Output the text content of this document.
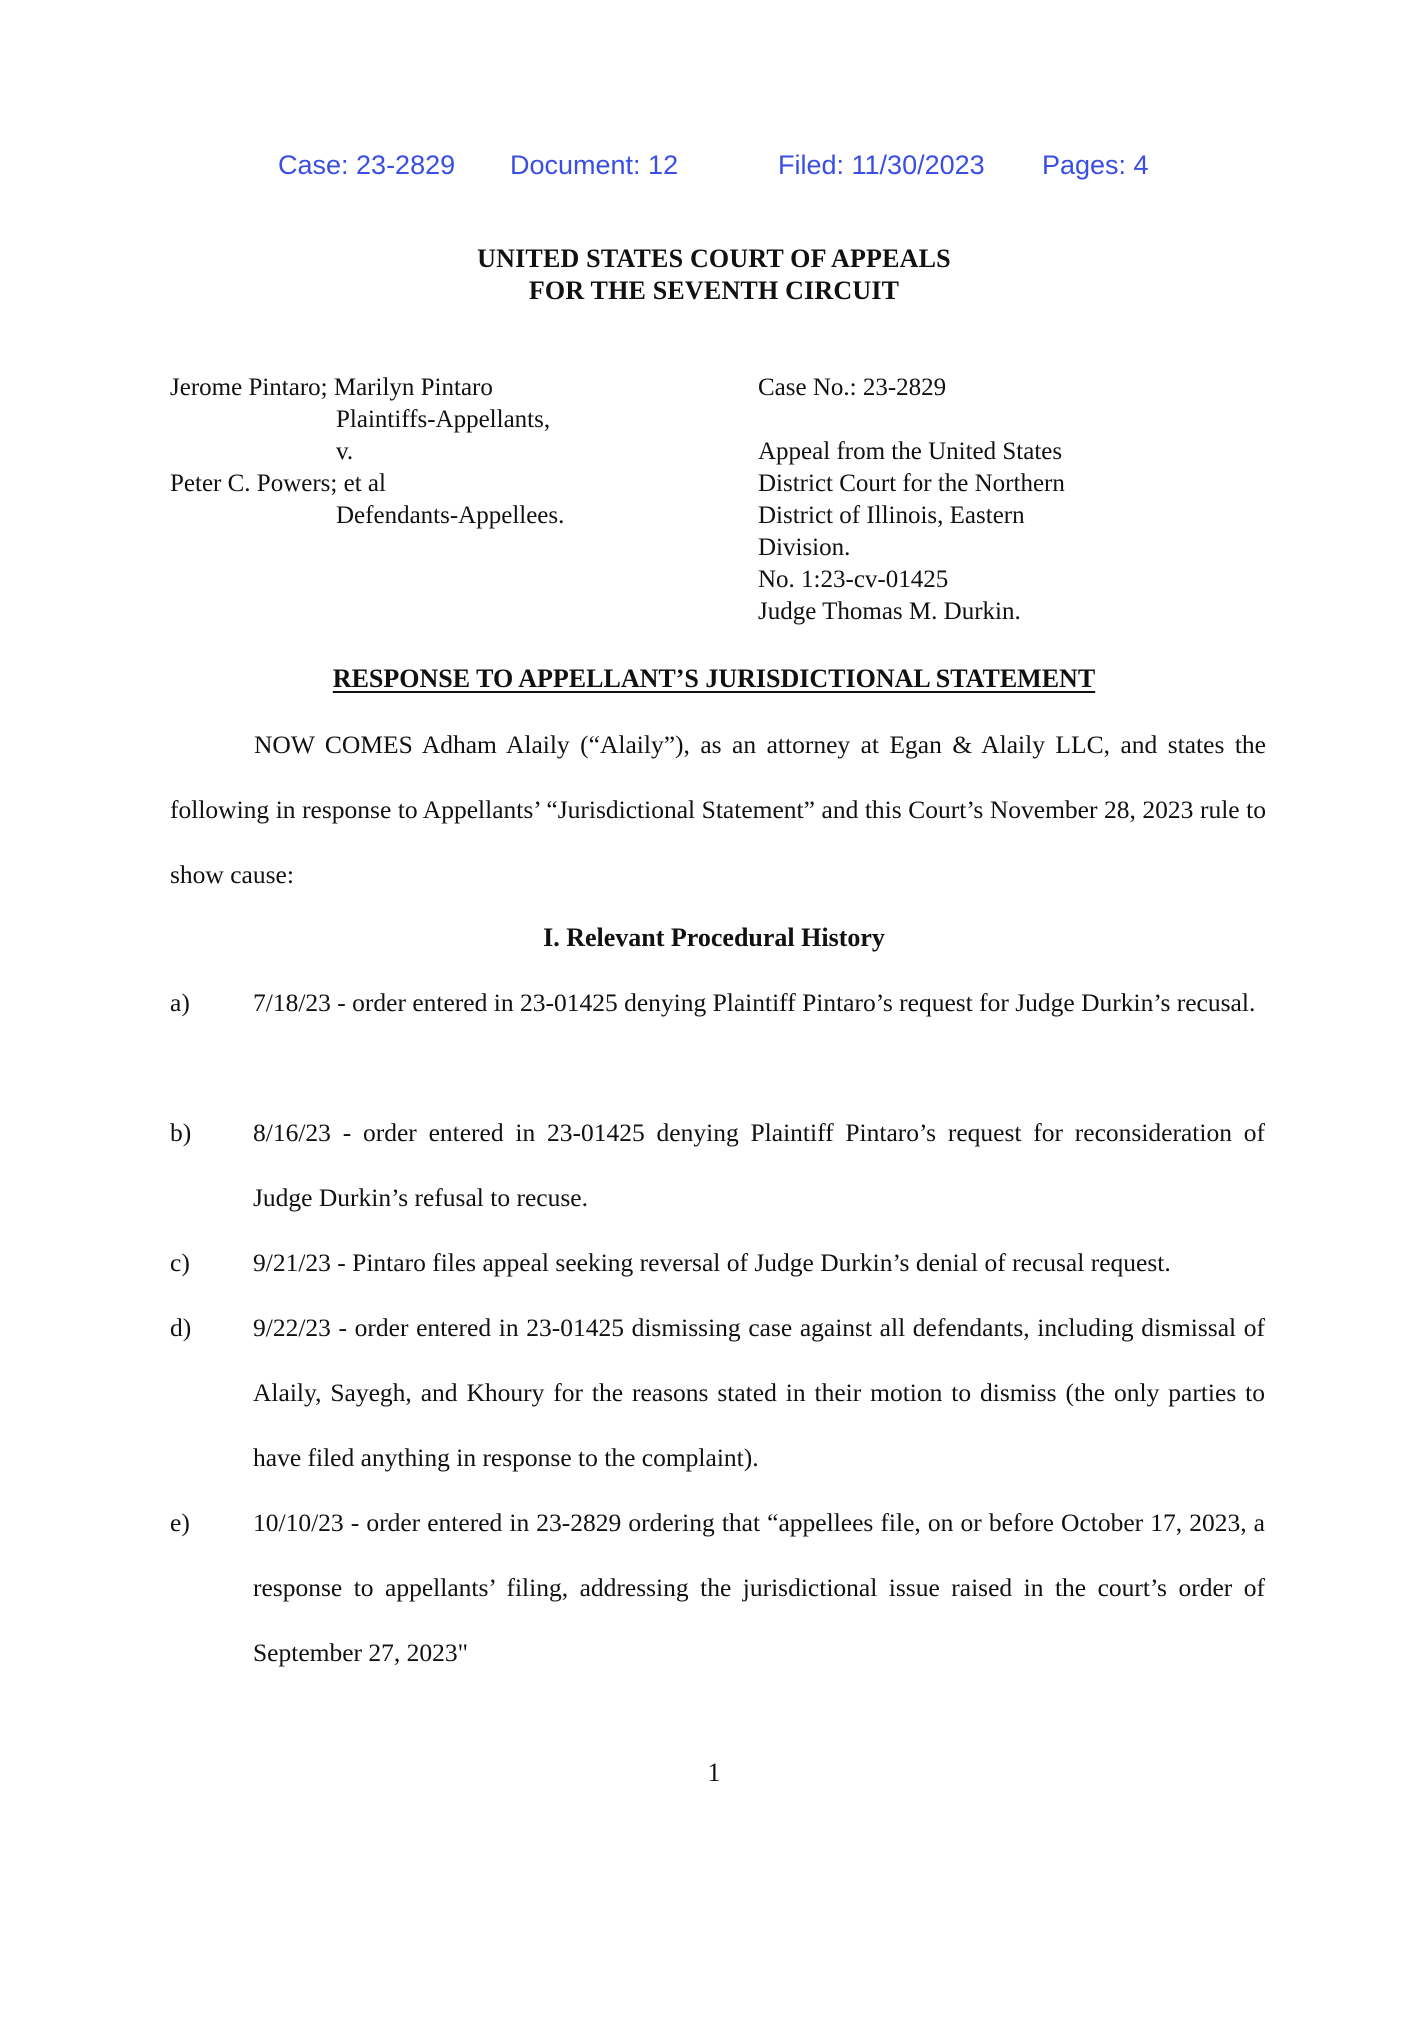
Case: 23-2829 Document: 12	Filed: 11/30/2023 Pages: 4
UNITED STATES COURT OF APPEALS
FOR THE SEVENTH CIRCUIT
Jerome Pintaro; Marilyn Pintaro
Plaintiffs-Appellants,
v.
Peter C. Powers; et al
Defendants-Appellees.
Case No.: 23-2829
Appeal from the United States
District Court for the Northern
District of Illinois, Eastern
Division.
No. 1:23-cv-01425
Judge Thomas M. Durkin.
RESPONSE TO APPELLANT’S JURISDICTIONAL STATEMENT
NOW COMES Adham Alaily (“Alaily”), as an attorney at Egan & Alaily LLC, and states the following in response to Appellants’ “Jurisdictional Statement” and this Court’s November 28, 2023 rule to show cause:
I. Relevant Procedural History
a) 7/18/23 - order entered in 23-01425 denying Plaintiff Pintaro’s request for Judge Durkin’s recusal.
b) 8/16/23 - order entered in 23-01425 denying Plaintiff Pintaro’s request for reconsideration of Judge Durkin’s refusal to recuse.
c) 9/21/23 - Pintaro files appeal seeking reversal of Judge Durkin’s denial of recusal request.
d) 9/22/23 - order entered in 23-01425 dismissing case against all defendants, including dismissal of Alaily, Sayegh, and Khoury for the reasons stated in their motion to dismiss (the only parties to have filed anything in response to the complaint).
e) 10/10/23 - order entered in 23-2829 ordering that “appellees file, on or before October 17, 2023, a response to appellants’ filing, addressing the jurisdictional issue raised in the court’s order of September 27, 2023"
1
